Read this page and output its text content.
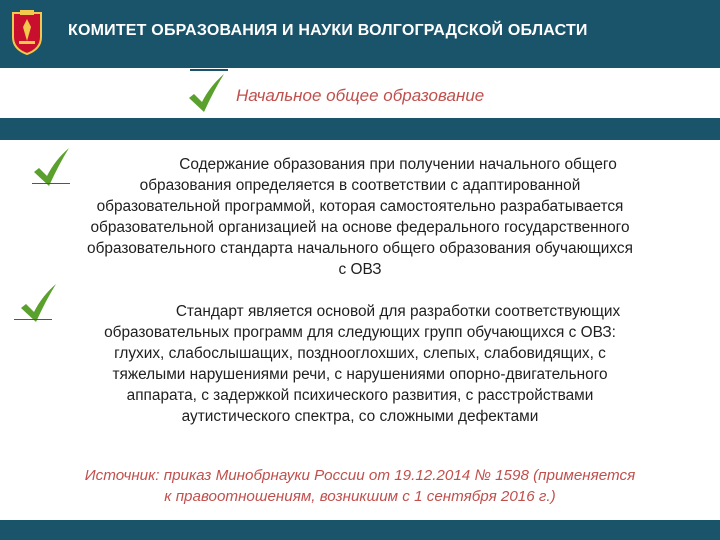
КОМИТЕТ ОБРАЗОВАНИЯ И НАУКИ ВОЛГОГРАДСКОЙ ОБЛАСТИ
Начальное общее образование
Содержание образования при получении начального общего
образования определяется в соответствии с адаптированной
образовательной программой, которая самостоятельно разрабатывается
образовательной организацией на основе федерального государственного
образовательного стандарта начального общего образования обучающихся
с ОВЗ
Стандарт является основой для разработки соответствующих
образовательных программ для следующих групп обучающихся с ОВЗ:
глухих, слабослышащих, позднооглохших, слепых, слабовидящих, с
тяжелыми нарушениями речи, с нарушениями опорно-двигательного
аппарата, с задержкой психического развития, с расстройствами
аутистического спектра, со сложными дефектами
Источник: приказ Минобрнауки России от 19.12.2014 № 1598 (применяется
к правоотношениям, возникшим с 1 сентября 2016 г.)
